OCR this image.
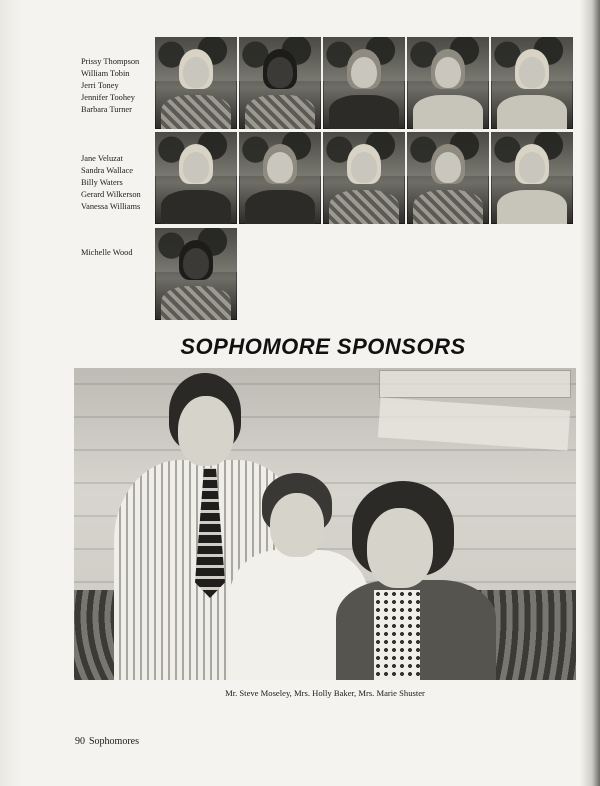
Prissy Thompson
William Tobin
Jerri Toney
Jennifer Toohey
Barbara Turner
Jane Veluzat
Sandra Wallace
Billy Waters
Gerard Wilkerson
Vanessa Williams
Michelle Wood
SOPHOMORE SPONSORS
Mr. Steve Moseley, Mrs. Holly Baker, Mrs. Marie Shuster
90 Sophomores
